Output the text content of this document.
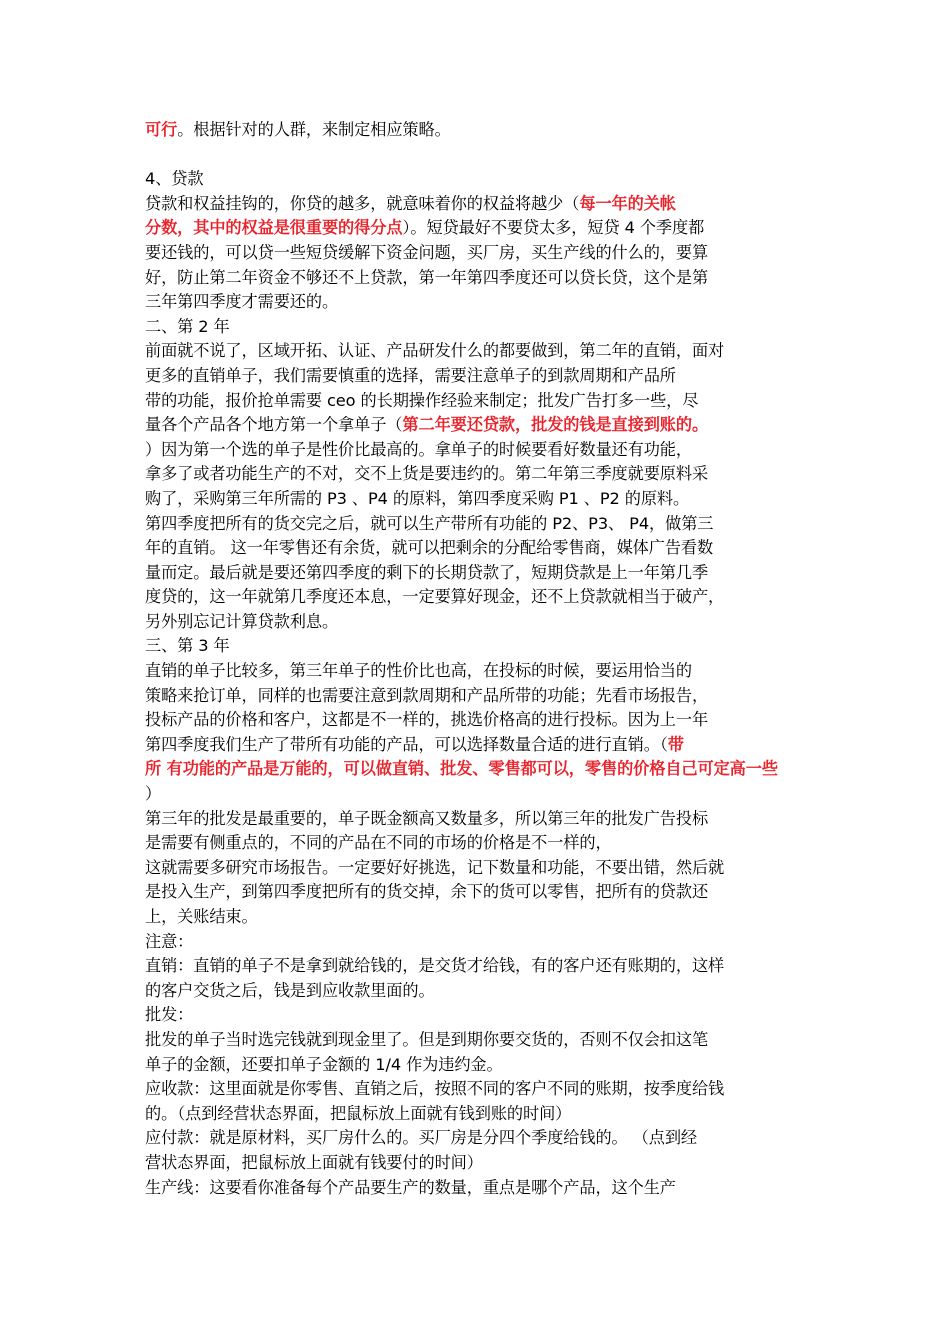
可行。根据针对的人群，来制定相应策略。
4、贷款
贷款和权益挂钩的，你贷的越多，就意味着你的权益将越少（每一年的关帐
分数，其中的权益是很重要的得分点）。短贷最好不要贷太多，短贷 4 个季度都
要还钱的，可以贷一些短贷缓解下资金问题，买厂房，买生产线的什么的，要算
好，防止第二年资金不够还不上贷款，第一年第四季度还可以贷长贷，这个是第
三年第四季度才需要还的。
二、第 2 年
前面就不说了，区域开拓、认证、产品研发什么的都要做到，第二年的直销，面对
更多的直销单子，我们需要慎重的选择，需要注意单子的到款周期和产品所
带的功能，报价抢单需要 ceo 的长期操作经验来制定；批发广告打多一些，尽
量各个产品各个地方第一个拿单子（第二年要还贷款，批发的钱是直接到账的。
）因为第一个选的单子是性价比最高的。拿单子的时候要看好数量还有功能，
拿多了或者功能生产的不对，交不上货是要违约的。第二年第三季度就要原料采
购了，采购第三年所需的 P3 、P4 的原料，第四季度采购 P1 、P2 的原料。
第四季度把所有的货交完之后，就可以生产带所有功能的 P2、P3、 P4，做第三
年的直销。 这一年零售还有余货，就可以把剩余的分配给零售商，媒体广告看数
量而定。最后就是要还第四季度的剩下的长期贷款了，短期贷款是上一年第几季
度贷的，这一年就第几季度还本息，一定要算好现金，还不上贷款就相当于破产，
另外别忘记计算贷款利息。
三、第 3 年
直销的单子比较多，第三年单子的性价比也高，在投标的时候，要运用恰当的
策略来抢订单，同样的也需要注意到款周期和产品所带的功能；先看市场报告，
投标产品的价格和客户，这都是不一样的，挑选价格高的进行投标。因为上一年
第四季度我们生产了带所有功能的产品，可以选择数量合适的进行直销。（带
所 有功能的产品是万能的，可以做直销、批发、零售都可以，零售的价格自己可定高一些
）
第三年的批发是最重要的，单子既金额高又数量多，所以第三年的批发广告投标
是需要有侧重点的，不同的产品在不同的市场的价格是不一样的，
这就需要多研究市场报告。一定要好好挑选，记下数量和功能，不要出错，然后就
是投入生产，到第四季度把所有的货交掉，余下的货可以零售，把所有的贷款还
上，关账结束。
注意：
直销：直销的单子不是拿到就给钱的，是交货才给钱，有的客户还有账期的，这样
的客户交货之后，钱是到应收款里面的。
批发：
批发的单子当时选完钱就到现金里了。但是到期你要交货的，否则不仅会扣这笔
单子的金额，还要扣单子金额的 1/4 作为违约金。
应收款：这里面就是你零售、直销之后，按照不同的客户不同的账期，按季度给钱
的。（点到经营状态界面，把鼠标放上面就有钱到账的时间）
应付款：就是原材料，买厂房什么的。买厂房是分四个季度给钱的。 （点到经
营状态界面，把鼠标放上面就有钱要付的时间）
生产线：这要看你准备每个产品要生产的数量，重点是哪个产品，这个生产
